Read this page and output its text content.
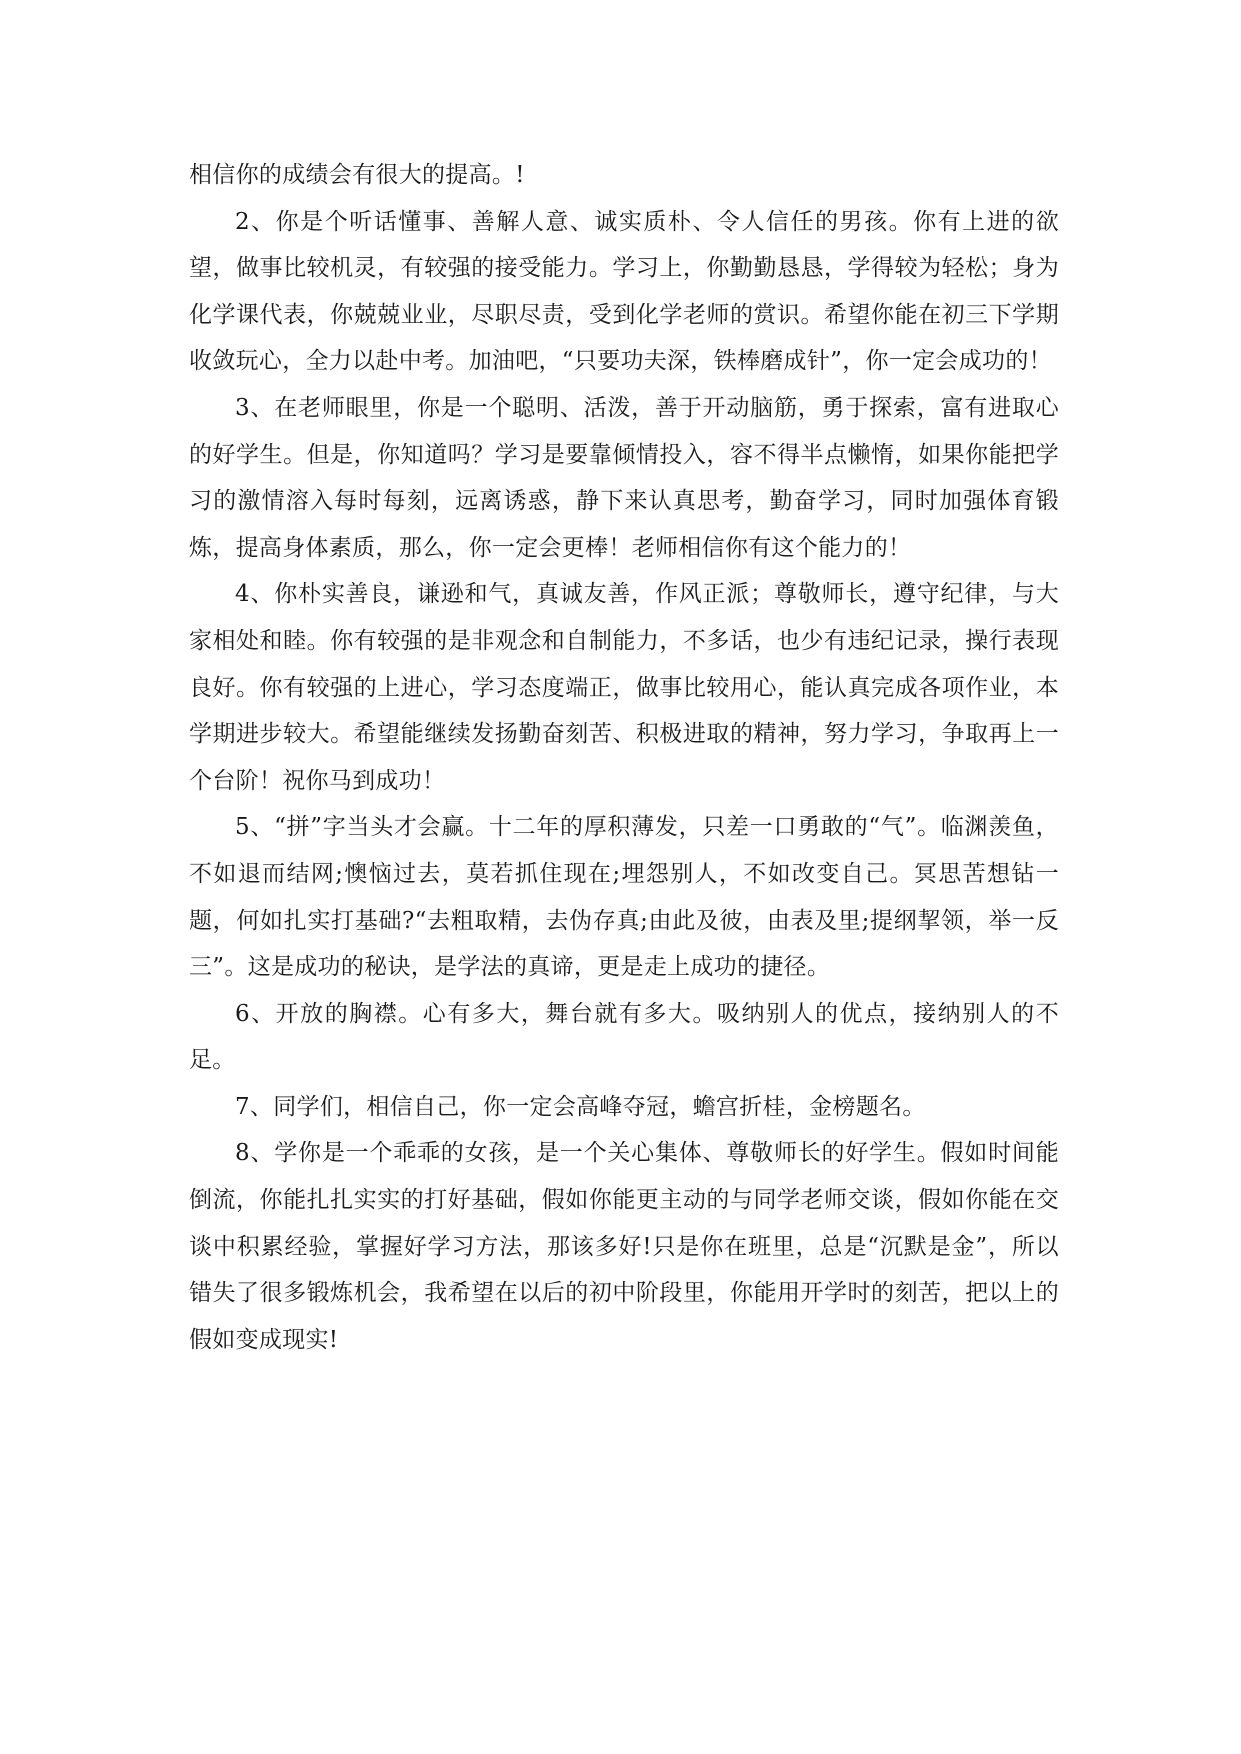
相信你的成绩会有很大的提高。!

2、你是个听话懂事、善解人意、诚实质朴、令人信任的男孩。你有上进的欲望，做事比较机灵，有较强的接受能力。学习上，你勤勤恳恳，学得较为轻松；身为化学课代表，你兢兢业业，尽职尽责，受到化学老师的赏识。希望你能在初三下学期收敛玩心，全力以赴中考。加油吧，“只要功夫深，铁棒磨成针”，你一定会成功的！

3、在老师眼里，你是一个聪明、活泼，善于开动脑筋，勇于探索，富有进取心的好学生。但是，你知道吗？学习是要靠倾情投入，容不得半点懒惰，如果你能把学习的激情溶入每时每刻，远离诱惑，静下来认真思考，勤奋学习，同时加强体育锻炼，提高身体素质，那么，你一定会更棒！老师相信你有这个能力的！

4、你朴实善良，谦逊和气，真诚友善，作风正派；尊敬师长，遵守纪律，与大家相处和睦。你有较强的是非观念和自制能力，不多话，也少有违纪记录，操行表现良好。你有较强的上进心，学习态度端正，做事比较用心，能认真完成各项作业，本学期进步较大。希望能继续发扬勤奋刻苦、积极进取的精神，努力学习，争取再上一个台阶！祝你马到成功！

5、“拼”字当头才会赢。十二年的厚积薄发，只差一口勇敢的“气”。临渊羡鱼，不如退而结网;懊恼过去，莫若抓住现在;埋怨别人，不如改变自己。冥思苦想钻一题，何如扎实打基础?“去粗取精，去伪存真;由此及彼，由表及里;提纲挈领，举一反三”。这是成功的秘诀，是学法的真谛，更是走上成功的捷径。

6、开放的胸襟。心有多大，舞台就有多大。吸纳别人的优点，接纳别人的不足。

7、同学们，相信自己，你一定会高峰夺冠，蟾宫折桂，金榜题名。

8、学你是一个乖乖的女孩，是一个关心集体、尊敬师长的好学生。假如时间能倒流，你能扎扎实实的打好基础，假如你能更主动的与同学老师交谈，假如你能在交谈中积累经验，掌握好学习方法，那该多好!只是你在班里，总是“沉默是金”，所以错失了很多锻炼机会，我希望在以后的初中阶段里，你能用开学时的刻苦，把以上的假如变成现实!
